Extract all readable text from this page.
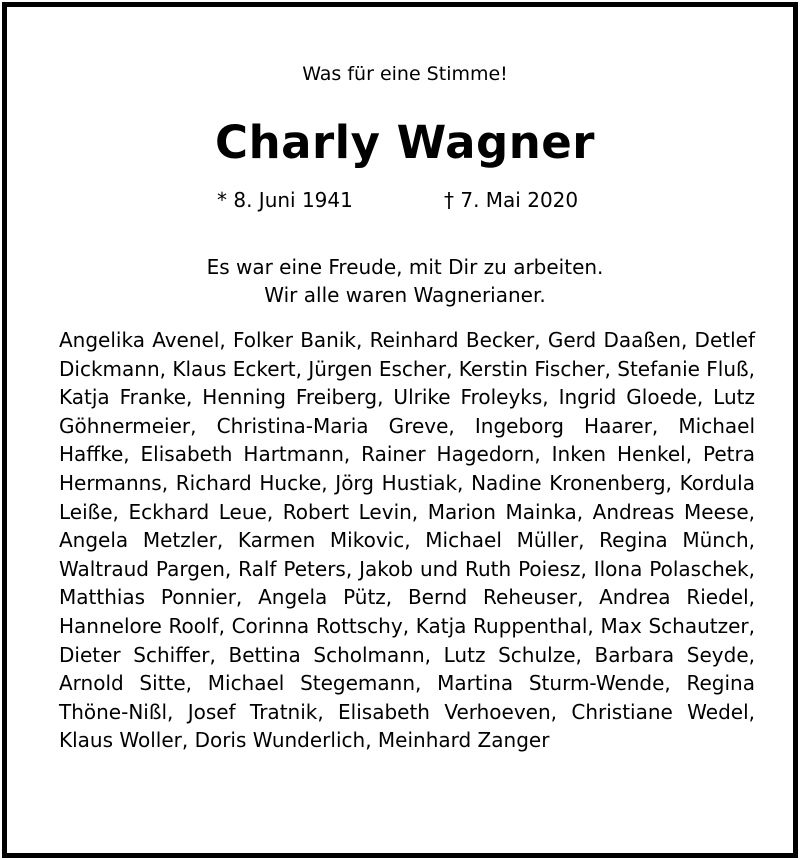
Was für eine Stimme!
Charly Wagner
* 8. Juni 1941	† 7. Mai 2020
Es war eine Freude, mit Dir zu arbeiten.
Wir alle waren Wagnerianer.

Angelika Avenel, Folker Banik, Reinhard Becker, Gerd Daaßen, Detlef Dickmann, Klaus Eckert, Jürgen Escher, Kerstin Fischer, Stefanie Fluß, Katja Franke, Henning Freiberg, Ulrike Froleyks, Ingrid Gloede, Lutz Göhnermeier, Christina-Maria Greve, Ingeborg Haarer, Michael Haffke, Elisabeth Hartmann, Rainer Hagedorn, Inken Henkel, Petra Hermanns, Richard Hucke, Jörg Hustiak, Nadine Kronenberg, Kordula Leiße, Eckhard Leue, Robert Levin, Marion Mainka, Andreas Meese, Angela Metzler, Karmen Mikovic, Michael Müller, Regina Münch, Waltraud Pargen, Ralf Peters, Jakob und Ruth Poiesz, Ilona Polaschek, Matthias Ponnier, Angela Pütz, Bernd Reheuser, Andrea Riedel, Hannelore Roolf, Corinna Rottschy, Katja Ruppenthal, Max Schautzer, Dieter Schiffer, Bettina Scholmann, Lutz Schulze, Barbara Seyde, Arnold Sitte, Michael Stegemann, Martina Sturm-Wende, Regina Thöne-Nißl, Josef Tratnik, Elisabeth Verhoeven, Christiane Wedel, Klaus Woller, Doris Wunderlich, Meinhard Zanger
